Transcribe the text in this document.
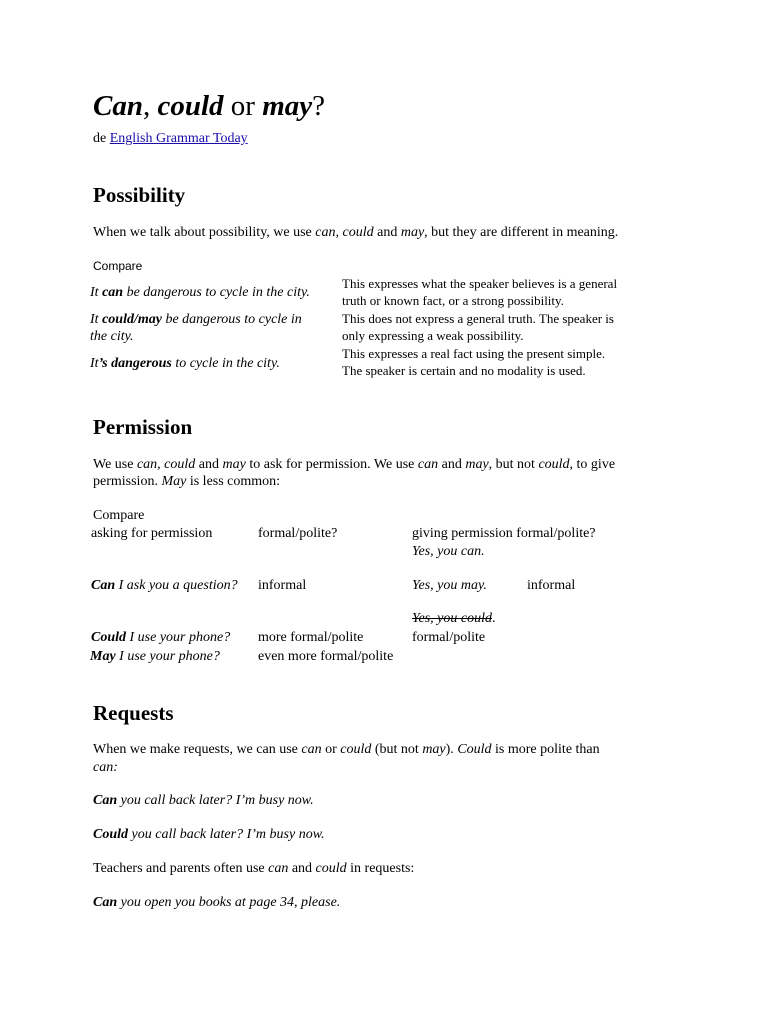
Can, could or may?
de English Grammar Today
Possibility
When we talk about possibility, we use can, could and may, but they are different in meaning.
Compare
It can be dangerous to cycle in the city.
This expresses what the speaker believes is a general
truth or known fact, or a strong possibility.
It could/may be dangerous to cycle in
the city.
This does not express a general truth. The speaker is
only expressing a weak possibility.
It’s dangerous to cycle in the city.
This expresses a real fact using the present simple.
The speaker is certain and no modality is used.
Permission
We use can, could and may to ask for permission. We use can and may, but not could, to give
permission. May is less common:
Compare
asking for permission	formal/polite?	giving permission formal/polite?
Yes, you can.
Can I ask you a question? informal	Yes, you may.	informal
Yes, you could.
Could I use your phone? more formal/polite	formal/polite
May I use your phone?	even more formal/polite
Requests
When we make requests, we can use can or could (but not may). Could is more polite than
can:
Can you call back later? I’m busy now.
Could you call back later? I’m busy now.
Teachers and parents often use can and could in requests:
Can you open you books at page 34, please.
